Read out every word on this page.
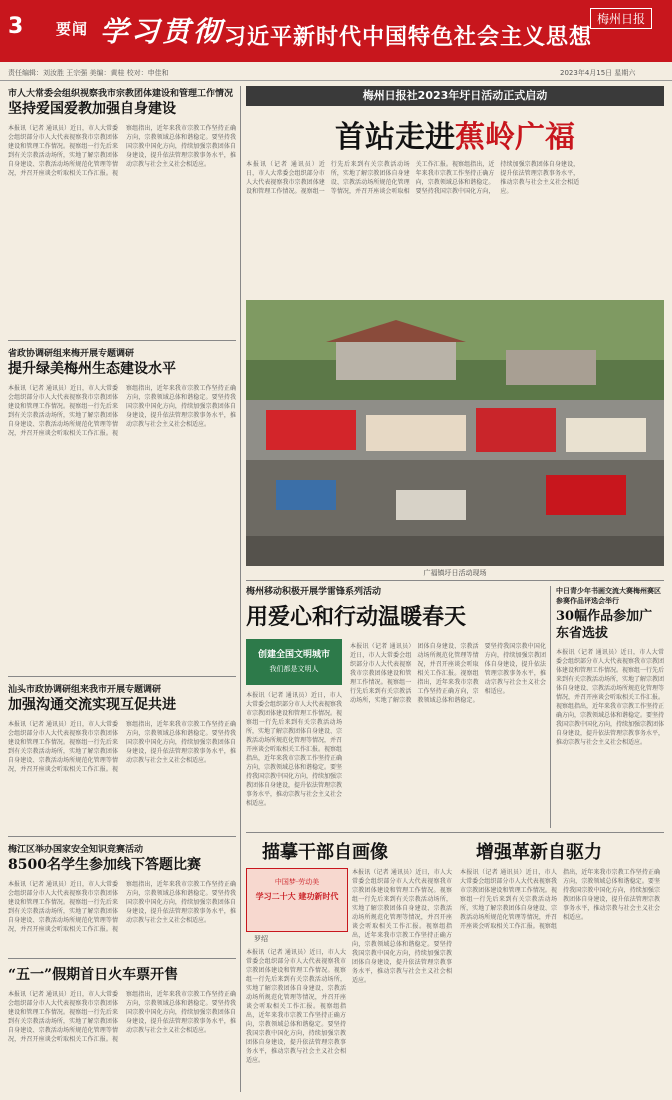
3 要闻 学习贯彻 习近平新时代中国特色社会主义思想
梅州日报
责任编辑：刘汝胜 王宗强 美编：黄桂 校对：申佳和	2023年4月15日 星期六
市人大常委会组织视察我市宗教团体建设和管理工作情况
坚持爱国爱教加强自身建设
本报讯（记者 通讯员）近日，市人大常委会组织部分市人大代表视察我市宗教团体建设和管理工作情况。视察组一行先后来到有关宗教活动场所，实地了解宗教团体自身建设、宗教活动场所规范化管理等情况，并召开座谈会听取相关工作汇报。视察组指出，近年来我市宗教工作坚持正确方向，宗教领域总体和谐稳定。要坚持我国宗教中国化方向，持续加强宗教团体自身建设，提升依法管理宗教事务水平，推动宗教与社会主义社会相适应。
省政协调研组来梅开展专题调研
提升绿美梅州生态建设水平
本报讯（记者 通讯员）近日，市人大常委会组织部分市人大代表视察我市宗教团体建设和管理工作情况。视察组一行先后来到有关宗教活动场所，实地了解宗教团体自身建设、宗教活动场所规范化管理等情况，并召开座谈会听取相关工作汇报。视察组指出，近年来我市宗教工作坚持正确方向，宗教领域总体和谐稳定。要坚持我国宗教中国化方向，持续加强宗教团体自身建设，提升依法管理宗教事务水平，推动宗教与社会主义社会相适应。
汕头市政协调研组来我市开展专题调研
加强沟通交流实现互促共进
本报讯（记者 通讯员）近日，市人大常委会组织部分市人大代表视察我市宗教团体建设和管理工作情况。视察组一行先后来到有关宗教活动场所，实地了解宗教团体自身建设、宗教活动场所规范化管理等情况，并召开座谈会听取相关工作汇报。视察组指出，近年来我市宗教工作坚持正确方向，宗教领域总体和谐稳定。要坚持我国宗教中国化方向，持续加强宗教团体自身建设，提升依法管理宗教事务水平，推动宗教与社会主义社会相适应。
梅江区举办国家安全知识竞赛活动
8500名学生参加线下答题比赛
本报讯（记者 通讯员）近日，市人大常委会组织部分市人大代表视察我市宗教团体建设和管理工作情况。视察组一行先后来到有关宗教活动场所，实地了解宗教团体自身建设、宗教活动场所规范化管理等情况，并召开座谈会听取相关工作汇报。视察组指出，近年来我市宗教工作坚持正确方向，宗教领域总体和谐稳定。要坚持我国宗教中国化方向，持续加强宗教团体自身建设，提升依法管理宗教事务水平，推动宗教与社会主义社会相适应。
“五一”假期首日火车票开售
本报讯（记者 通讯员）近日，市人大常委会组织部分市人大代表视察我市宗教团体建设和管理工作情况。视察组一行先后来到有关宗教活动场所，实地了解宗教团体自身建设、宗教活动场所规范化管理等情况，并召开座谈会听取相关工作汇报。视察组指出，近年来我市宗教工作坚持正确方向，宗教领域总体和谐稳定。要坚持我国宗教中国化方向，持续加强宗教团体自身建设，提升依法管理宗教事务水平，推动宗教与社会主义社会相适应。
梅州日报社2023年圩日活动正式启动
首站走进蕉岭广福
本报讯（记者 通讯员）近日，市人大常委会组织部分市人大代表视察我市宗教团体建设和管理工作情况。视察组一行先后来到有关宗教活动场所，实地了解宗教团体自身建设、宗教活动场所规范化管理等情况，并召开座谈会听取相关工作汇报。视察组指出，近年来我市宗教工作坚持正确方向，宗教领域总体和谐稳定。要坚持我国宗教中国化方向，持续加强宗教团体自身建设，提升依法管理宗教事务水平，推动宗教与社会主义社会相适应。
广福镇圩日活动现场
梅州移动积极开展学雷锋系列活动
用爱心和行动温暖春天
创建全国文明城市
我们都是文明人
本报讯（记者 通讯员）近日，市人大常委会组织部分市人大代表视察我市宗教团体建设和管理工作情况。视察组一行先后来到有关宗教活动场所，实地了解宗教团体自身建设、宗教活动场所规范化管理等情况，并召开座谈会听取相关工作汇报。视察组指出，近年来我市宗教工作坚持正确方向，宗教领域总体和谐稳定。要坚持我国宗教中国化方向，持续加强宗教团体自身建设，提升依法管理宗教事务水平，推动宗教与社会主义社会相适应。
本报讯（记者 通讯员）近日，市人大常委会组织部分市人大代表视察我市宗教团体建设和管理工作情况。视察组一行先后来到有关宗教活动场所，实地了解宗教团体自身建设、宗教活动场所规范化管理等情况，并召开座谈会听取相关工作汇报。视察组指出，近年来我市宗教工作坚持正确方向，宗教领域总体和谐稳定。要坚持我国宗教中国化方向，持续加强宗教团体自身建设，提升依法管理宗教事务水平，推动宗教与社会主义社会相适应。
中日青少年书画交流大赛梅州赛区参赛作品评选会举行
30幅作品参加广东省选拔
本报讯（记者 通讯员）近日，市人大常委会组织部分市人大代表视察我市宗教团体建设和管理工作情况。视察组一行先后来到有关宗教活动场所，实地了解宗教团体自身建设、宗教活动场所规范化管理等情况，并召开座谈会听取相关工作汇报。视察组指出，近年来我市宗教工作坚持正确方向，宗教领域总体和谐稳定。要坚持我国宗教中国化方向，持续加强宗教团体自身建设，提升依法管理宗教事务水平，推动宗教与社会主义社会相适应。
描摹干部自画像	增强革新自驱力
中国梦·劳动美
学习二十大 建功新时代
罗绍
本报讯（记者 通讯员）近日，市人大常委会组织部分市人大代表视察我市宗教团体建设和管理工作情况。视察组一行先后来到有关宗教活动场所，实地了解宗教团体自身建设、宗教活动场所规范化管理等情况，并召开座谈会听取相关工作汇报。视察组指出，近年来我市宗教工作坚持正确方向，宗教领域总体和谐稳定。要坚持我国宗教中国化方向，持续加强宗教团体自身建设，提升依法管理宗教事务水平，推动宗教与社会主义社会相适应。
本报讯（记者 通讯员）近日，市人大常委会组织部分市人大代表视察我市宗教团体建设和管理工作情况。视察组一行先后来到有关宗教活动场所，实地了解宗教团体自身建设、宗教活动场所规范化管理等情况，并召开座谈会听取相关工作汇报。视察组指出，近年来我市宗教工作坚持正确方向，宗教领域总体和谐稳定。要坚持我国宗教中国化方向，持续加强宗教团体自身建设，提升依法管理宗教事务水平，推动宗教与社会主义社会相适应。
本报讯（记者 通讯员）近日，市人大常委会组织部分市人大代表视察我市宗教团体建设和管理工作情况。视察组一行先后来到有关宗教活动场所，实地了解宗教团体自身建设、宗教活动场所规范化管理等情况，并召开座谈会听取相关工作汇报。视察组指出，近年来我市宗教工作坚持正确方向，宗教领域总体和谐稳定。要坚持我国宗教中国化方向，持续加强宗教团体自身建设，提升依法管理宗教事务水平，推动宗教与社会主义社会相适应。
